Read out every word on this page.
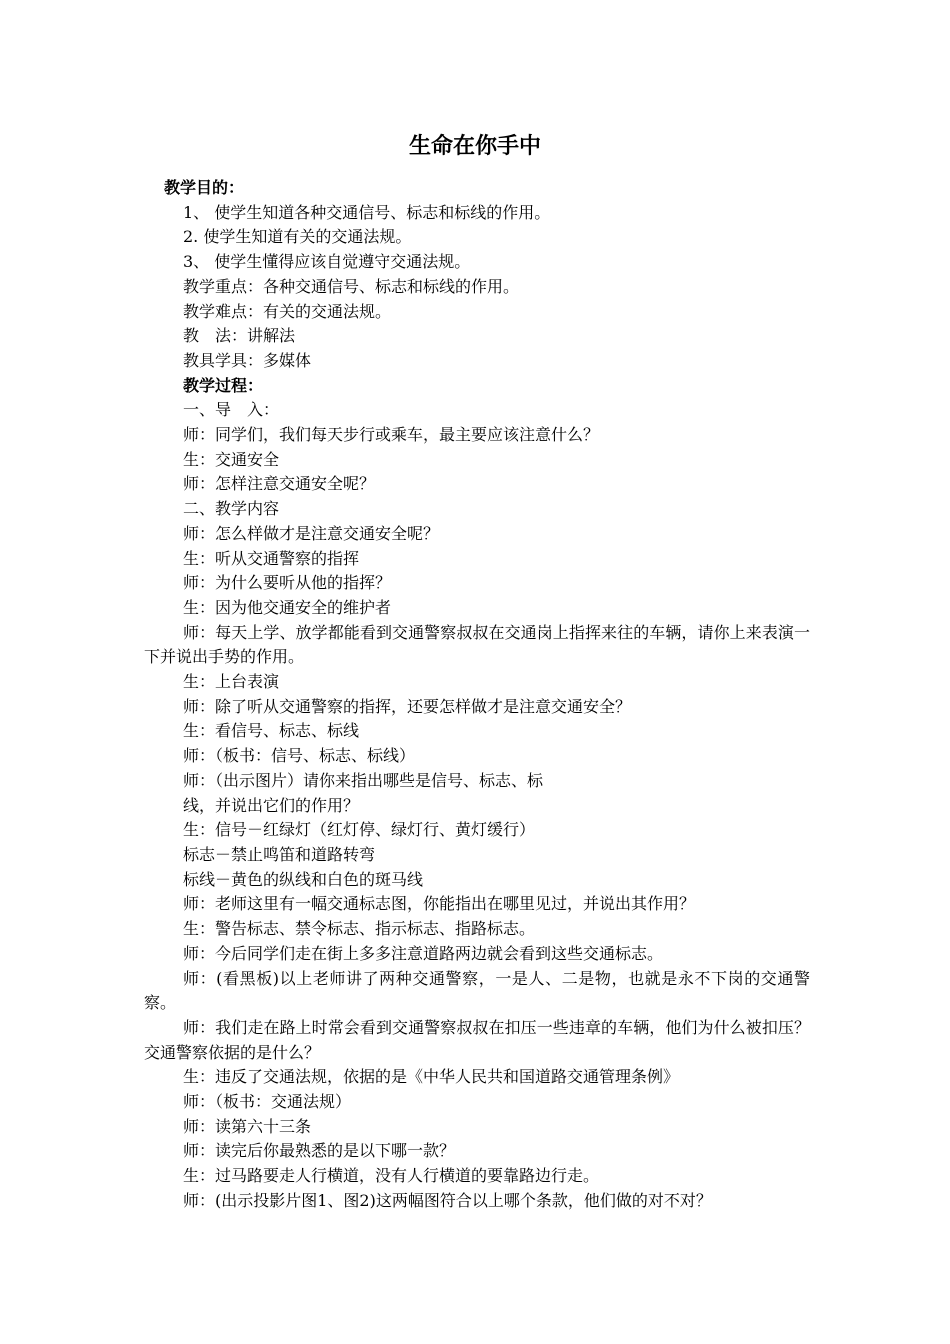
生命在你手中
教学目的：
1、 使学生知道各种交通信号、标志和标线的作用。
2. 使学生知道有关的交通法规。
3、 使学生懂得应该自觉遵守交通法规。
教学重点：各种交通信号、标志和标线的作用。
教学难点：有关的交通法规。
教　法：讲解法
教具学具：多媒体
教学过程：
一、导　入：
师：同学们，我们每天步行或乘车，最主要应该注意什么？
生：交通安全
师：怎样注意交通安全呢？
二、教学内容
师：怎么样做才是注意交通安全呢？
生：听从交通警察的指挥
师：为什么要听从他的指挥？
生：因为他交通安全的维护者
师：每天上学、放学都能看到交通警察叔叔在交通岗上指挥来往的车辆，请你上来表演一下并说出手势的作用。
生：上台表演
师：除了听从交通警察的指挥，还要怎样做才是注意交通安全？
生：看信号、标志、标线
师：（板书：信号、标志、标线）
师：（出示图片）请你来指出哪些是信号、标志、标
线，并说出它们的作用？
生：信号－红绿灯（红灯停、绿灯行、黄灯缓行）
标志－禁止鸣笛和道路转弯
标线－黄色的纵线和白色的斑马线
师：老师这里有一幅交通标志图，你能指出在哪里见过，并说出其作用？
生：警告标志、禁令标志、指示标志、指路标志。
师：今后同学们走在街上多多注意道路两边就会看到这些交通标志。
师：(看黑板)以上老师讲了两种交通警察，一是人、二是物，也就是永不下岗的交通警察。
师：我们走在路上时常会看到交通警察叔叔在扣压一些违章的车辆，他们为什么被扣压？交通警察依据的是什么？
生：违反了交通法规，依据的是《中华人民共和国道路交通管理条例》
师：（板书：交通法规）
师：读第六十三条
师：读完后你最熟悉的是以下哪一款？
生：过马路要走人行横道，没有人行横道的要靠路边行走。
师：(出示投影片图1、图2)这两幅图符合以上哪个条款，他们做的对不对？
